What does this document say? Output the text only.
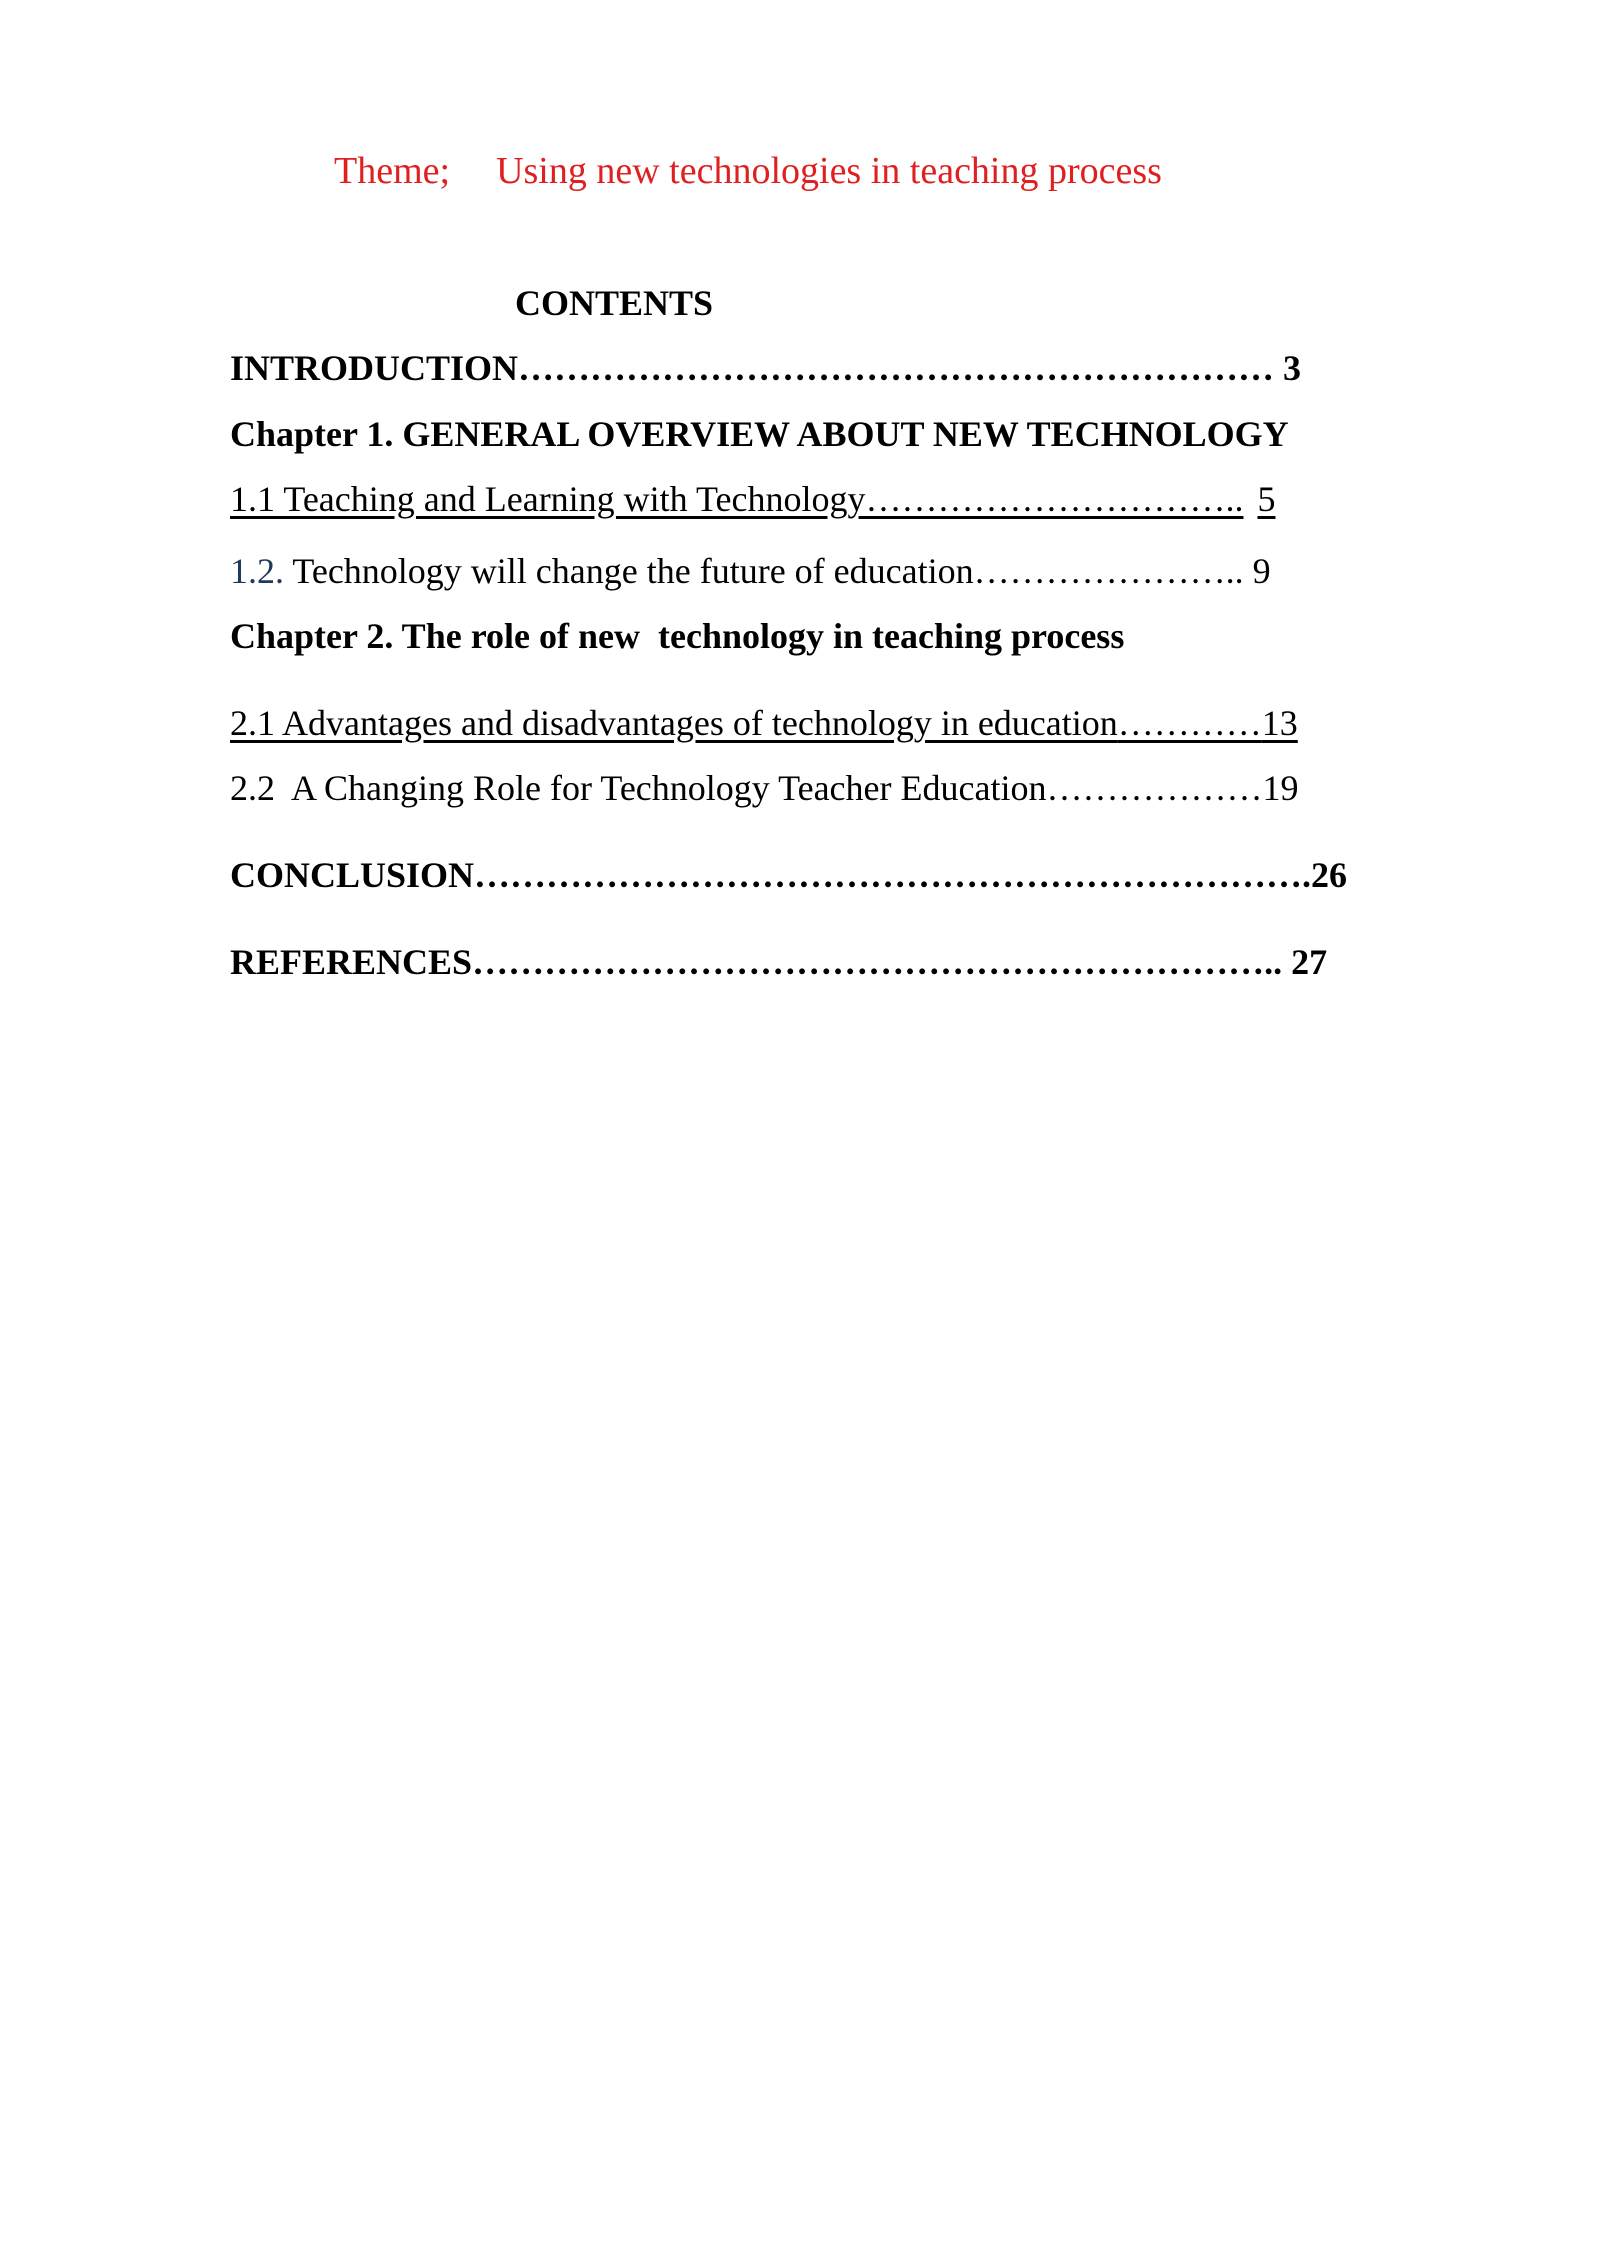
Theme; Using new technologies in teaching process
CONTENTS
INTRODUCTION……………………………………………………… 3
Chapter 1. GENERAL OVERVIEW ABOUT NEW TECHNOLOGY
1.1 Teaching and Learning with Technology………………………….. 5
1.2. Technology will change the future of education………………….. 9
Chapter 2. The role of new  technology in teaching process
2.1 Advantages and disadvantages of technology in education…………13
2.2  A Changing Role for Technology Teacher Education………………19
CONCLUSION…………………………………………………………….26
REFERENCES………………………………………………………….. 27
